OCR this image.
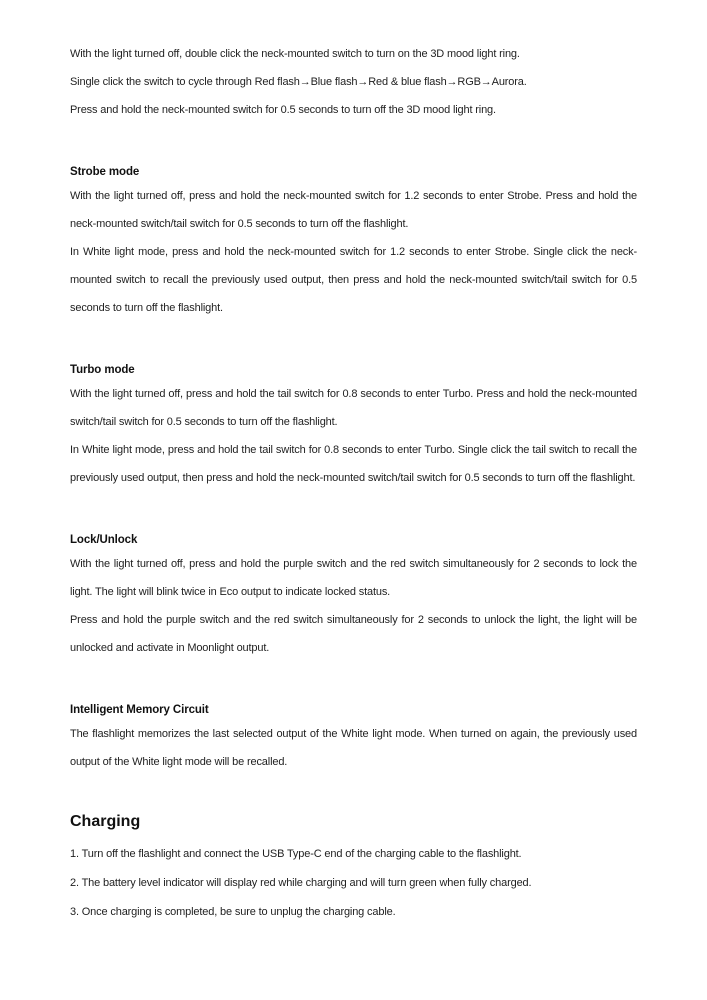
With the light turned off, double click the neck-mounted switch to turn on the 3D mood light ring.

Single click the switch to cycle through Red flash→Blue flash→Red & blue flash→RGB→Aurora.

Press and hold the neck-mounted switch for 0.5 seconds to turn off the 3D mood light ring.

Strobe mode

With the light turned off, press and hold the neck-mounted switch for 1.2 seconds to enter Strobe. Press and hold the neck-mounted switch/tail switch for 0.5 seconds to turn off the flashlight.

In White light mode, press and hold the neck-mounted switch for 1.2 seconds to enter Strobe. Single click the neck-mounted switch to recall the previously used output, then press and hold the neck-mounted switch/tail switch for 0.5 seconds to turn off the flashlight.

Turbo mode

With the light turned off, press and hold the tail switch for 0.8 seconds to enter Turbo. Press and hold the neck-mounted switch/tail switch for 0.5 seconds to turn off the flashlight.

In White light mode, press and hold the tail switch for 0.8 seconds to enter Turbo. Single click the tail switch to recall the previously used output, then press and hold the neck-mounted switch/tail switch for 0.5 seconds to turn off the flashlight.

Lock/Unlock

With the light turned off, press and hold the purple switch and the red switch simultaneously for 2 seconds to lock the light. The light will blink twice in Eco output to indicate locked status.

Press and hold the purple switch and the red switch simultaneously for 2 seconds to unlock the light, the light will be unlocked and activate in Moonlight output.

Intelligent Memory Circuit

The flashlight memorizes the last selected output of the White light mode. When turned on again, the previously used output of the White light mode will be recalled.

Charging

1. Turn off the flashlight and connect the USB Type-C end of the charging cable to the flashlight.

2. The battery level indicator will display red while charging and will turn green when fully charged.

3. Once charging is completed, be sure to unplug the charging cable.
